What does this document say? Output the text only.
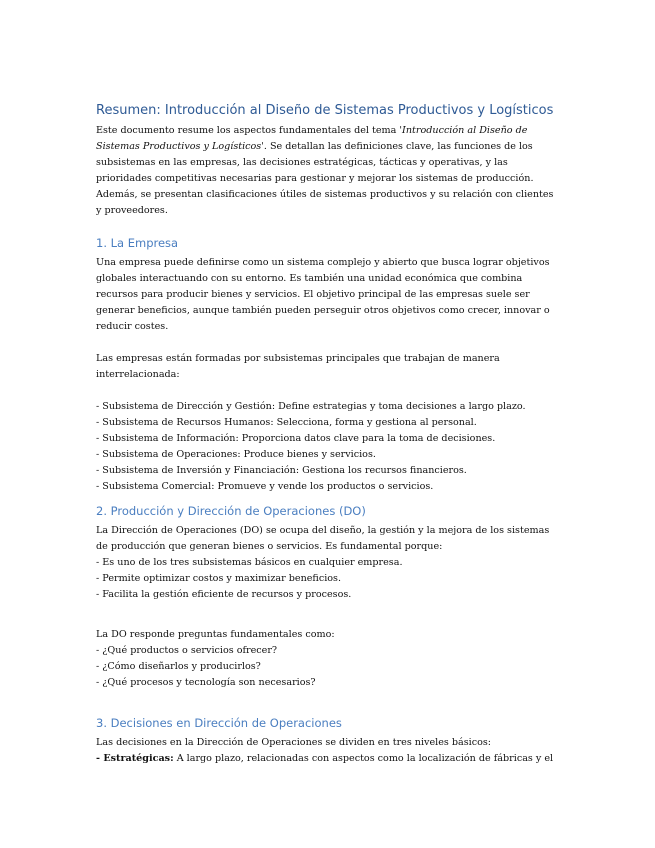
Resumen: Introducción al Diseño de Sistemas Productivos y Logísticos

Este documento resume los aspectos fundamentales del tema 'Introducción al Diseño de Sistemas Productivos y Logísticos'. Se detallan las definiciones clave, las funciones de los subsistemas en las empresas, las decisiones estratégicas, tácticas y operativas, y las prioridades competitivas necesarias para gestionar y mejorar los sistemas de producción. Además, se presentan clasificaciones útiles de sistemas productivos y su relación con clientes y proveedores.

1. La Empresa

Una empresa puede definirse como un sistema complejo y abierto que busca lograr objetivos globales interactuando con su entorno. Es también una unidad económica que combina recursos para producir bienes y servicios. El objetivo principal de las empresas suele ser generar beneficios, aunque también pueden perseguir otros objetivos como crecer, innovar o reducir costes.

Las empresas están formadas por subsistemas principales que trabajan de manera interrelacionada:

- Subsistema de Dirección y Gestión: Define estrategias y toma decisiones a largo plazo.
- Subsistema de Recursos Humanos: Selecciona, forma y gestiona al personal.
- Subsistema de Información: Proporciona datos clave para la toma de decisiones.
- Subsistema de Operaciones: Produce bienes y servicios.
- Subsistema de Inversión y Financiación: Gestiona los recursos financieros.
- Subsistema Comercial: Promueve y vende los productos o servicios.
2. Producción y Dirección de Operaciones (DO)

La Dirección de Operaciones (DO) se ocupa del diseño, la gestión y la mejora de los sistemas de producción que generan bienes o servicios. Es fundamental porque:

- Es uno de los tres subsistemas básicos en cualquier empresa.
- Permite optimizar costos y maximizar beneficios.
- Facilita la gestión eficiente de recursos y procesos.

La DO responde preguntas fundamentales como:

- ¿Qué productos o servicios ofrecer?
- ¿Cómo diseñarlos y producirlos?
- ¿Qué procesos y tecnología son necesarios?
3. Decisiones en Dirección de Operaciones

Las decisiones en la Dirección de Operaciones se dividen en tres niveles básicos:

- Estratégicas: A largo plazo, relacionadas con aspectos como la localización de fábricas y el
